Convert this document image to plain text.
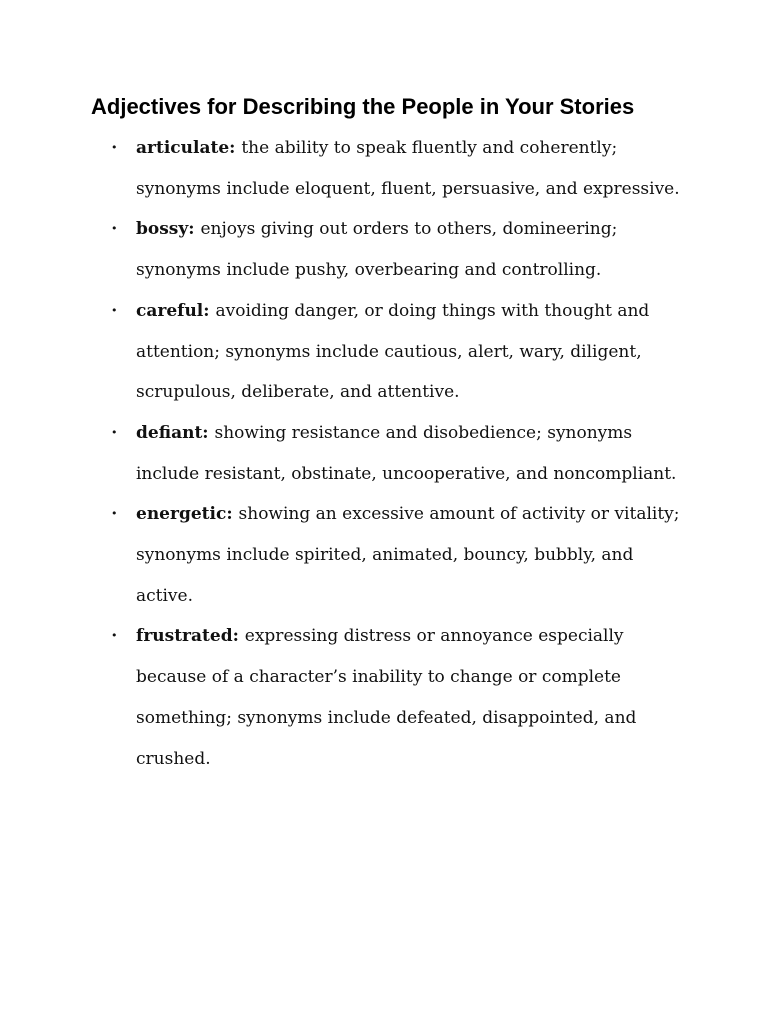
Adjectives for Describing the People in Your Stories
• articulate: the ability to speak fluently and coherently; synonyms include eloquent, fluent, persuasive, and expressive.
• bossy: enjoys giving out orders to others, domineering; synonyms include pushy, overbearing and controlling.
• careful: avoiding danger, or doing things with thought and attention; synonyms include cautious, alert, wary, diligent, scrupulous, deliberate, and attentive.
• defiant: showing resistance and disobedience; synonyms include resistant, obstinate, uncooperative, and noncompliant.
• energetic: showing an excessive amount of activity or vitality; synonyms include spirited, animated, bouncy, bubbly, and active.
• frustrated: expressing distress or annoyance especially because of a character’s inability to change or complete something; synonyms include defeated, disappointed, and crushed.
